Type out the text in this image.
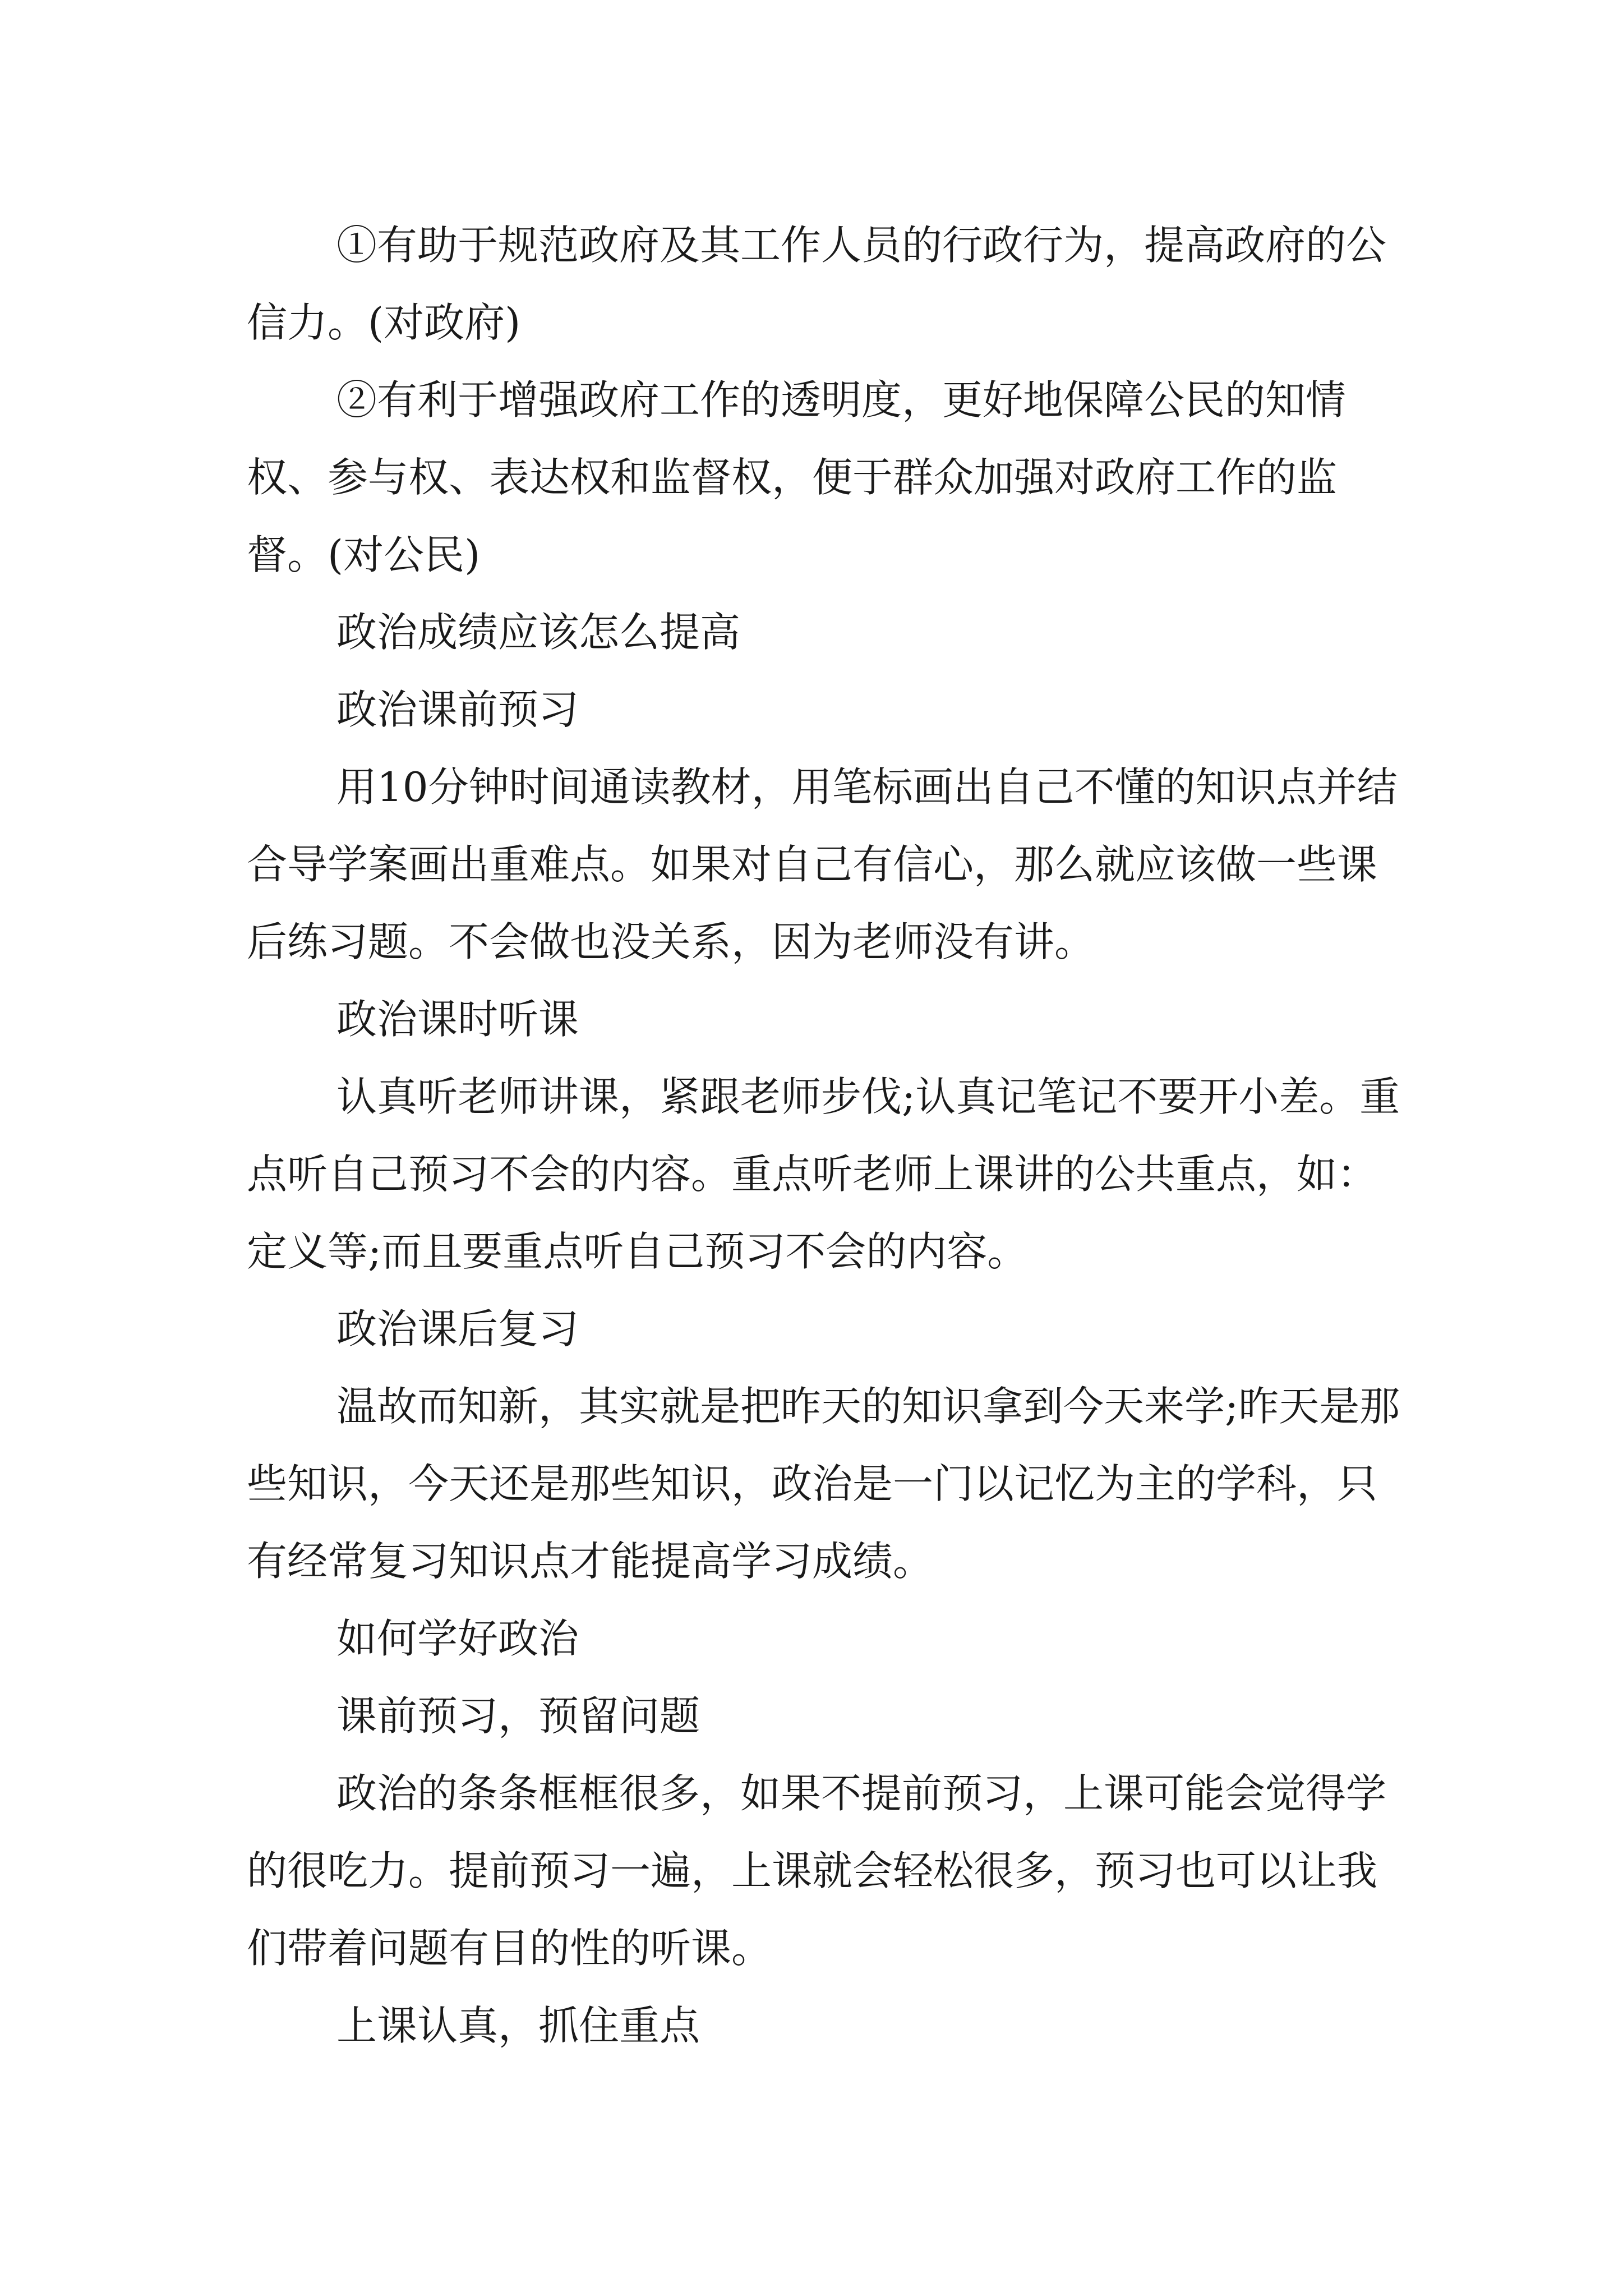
①有助于规范政府及其工作人员的行政行为，提高政府的公信力。(对政府)

②有利于增强政府工作的透明度，更好地保障公民的知情权、参与权、表达权和监督权，便于群众加强对政府工作的监督。(对公民)

政治成绩应该怎么提高

政治课前预习

用10分钟时间通读教材，用笔标画出自己不懂的知识点并结合导学案画出重难点。如果对自己有信心，那么就应该做一些课后练习题。不会做也没关系，因为老师没有讲。

政治课时听课

认真听老师讲课，紧跟老师步伐;认真记笔记不要开小差。重点听自己预习不会的内容。重点听老师上课讲的公共重点，如：定义等;而且要重点听自己预习不会的内容。

政治课后复习

温故而知新，其实就是把昨天的知识拿到今天来学;昨天是那些知识，今天还是那些知识，政治是一门以记忆为主的学科，只有经常复习知识点才能提高学习成绩。

如何学好政治

课前预习，预留问题

政治的条条框框很多，如果不提前预习，上课可能会觉得学的很吃力。提前预习一遍，上课就会轻松很多，预习也可以让我们带着问题有目的性的听课。

上课认真，抓住重点
